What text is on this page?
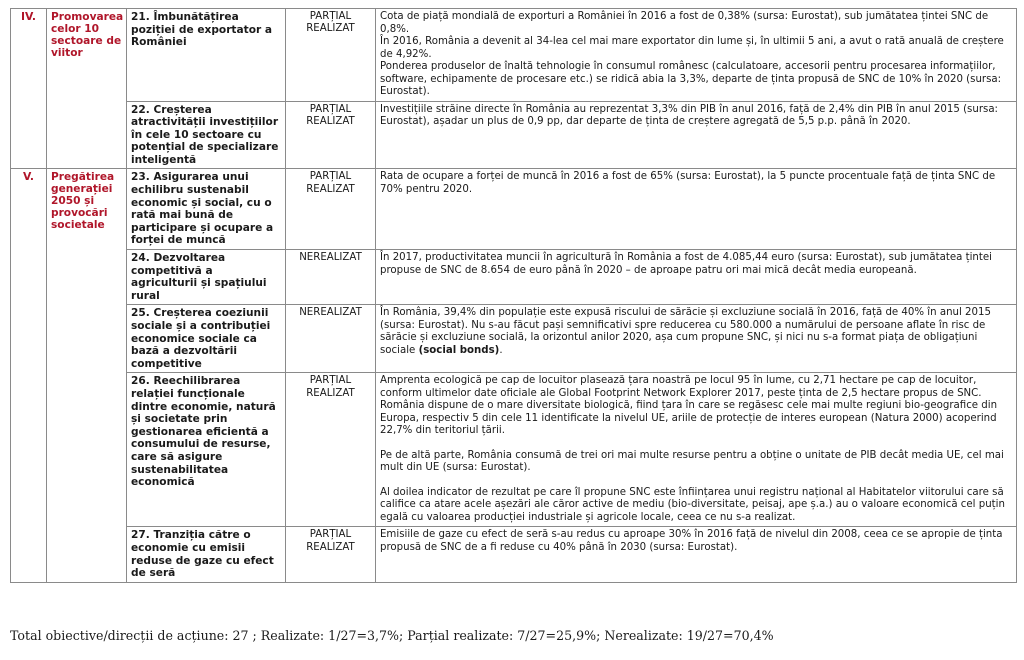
IV.	Promovarea celor 10 sectoare de viitor	21. Îmbunătățirea poziției de exportator a României	PARȚIAL REALIZAT	Cota de piață mondială de exporturi a României în 2016 a fost de 0,38% (sursa: Eurostat), sub jumătatea țintei SNC de 0,8%.

În 2016, România a devenit al 34-lea cel mai mare exportator din lume și, în ultimii 5 ani, a avut o rată anuală de creștere de 4,92%.

Ponderea produselor de înaltă tehnologie în consumul românesc (calculatoare, accesorii pentru procesarea informațiilor, software, echipamente de procesare etc.) se ridică abia la 3,3%, departe de ținta propusă de SNC de 10% în 2020 (sursa: Eurostat).

		22. Creșterea atractivității investițiilor în cele 10 sectoare cu potențial de specializare inteligentă	PARȚIAL REALIZAT	Investițiile străine directe în România au reprezentat 3,3% din PIB în anul 2016, față de 2,4% din PIB în anul 2015 (sursa: Eurostat), așadar un plus de 0,9 pp, dar departe de ținta de creștere agregată de 5,5 p.p. până în 2020.

V.	Pregătirea generației 2050 și provocări societale	23. Asigurarea unui echilibru sustenabil economic și social, cu o rată mai bună de participare și ocupare a forței de muncă	PARȚIAL REALIZAT	Rata de ocupare a forței de muncă în 2016 a fost de 65% (sursa: Eurostat), la 5 puncte procentuale față de ținta SNC de 70% pentru 2020.

		24. Dezvoltarea competitivă a agriculturii și spațiului rural	NEREALIZAT	În 2017, productivitatea muncii în agricultură în România a fost de 4.085,44 euro (sursa: Eurostat), sub jumătatea țintei propuse de SNC de 8.654 de euro până în 2020 – de aproape patru ori mai mică decât media europeană.

		25. Creșterea coeziunii sociale și a contribuției economice sociale ca bază a dezvoltării competitive	NEREALIZAT	În România, 39,4% din populație este expusă riscului de sărăcie și excluziune socială în 2016, față de 40% în anul 2015 (sursa: Eurostat). Nu s-au făcut pași semnificativi spre reducerea cu 580.000 a numărului de persoane aflate în risc de sărăcie și excluziune socială, la orizontul anilor 2020, așa cum propune SNC, și nici nu s-a format piața de obligațiuni sociale (social bonds).

		26. Reechilibrarea relației funcționale dintre economie, natură și societate prin gestionarea eficientă a consumului de resurse, care să asigure sustenabilitatea economică	PARȚIAL REALIZAT	Amprenta ecologică pe cap de locuitor plasează țara noastră pe locul 95 în lume, cu 2,71 hectare pe cap de locuitor, conform ultimelor date oficiale ale Global Footprint Network Explorer 2017, peste ținta de 2,5 hectare propus de SNC. România dispune de o mare diversitate biologică, fiind țara în care se regăsesc cele mai multe regiuni bio-geografice din Europa, respectiv 5 din cele 11 identificate la nivelul UE, ariile de protecție de interes european (Natura 2000) acoperind 22,7% din teritoriul țării.

Pe de altă parte, România consumă de trei ori mai multe resurse pentru a obține o unitate de PIB decât media UE, cel mai mult din UE (sursa: Eurostat).

Al doilea indicator de rezultat pe care îl propune SNC este înființarea unui registru național al Habitatelor viitorului care să califice ca atare acele așezări ale căror active de mediu (bio-diversitate, peisaj, ape ș.a.) au o valoare economică cel puțin egală cu valoarea producției industriale și agricole locale, ceea ce nu s-a realizat.

		27. Tranziția către o economie cu emisii reduse de gaze cu efect de seră	PARȚIAL REALIZAT	Emisiile de gaze cu efect de seră s-au redus cu aproape 30% în 2016 față de nivelul din 2008, ceea ce se apropie de ținta propusă de SNC de a fi reduse cu 40% până în 2030 (sursa: Eurostat).

Total obiective/direcții de acțiune: 27 ; Realizate: 1/27=3,7%; Parțial realizate: 7/27=25,9%; Nerealizate: 19/27=70,4%
